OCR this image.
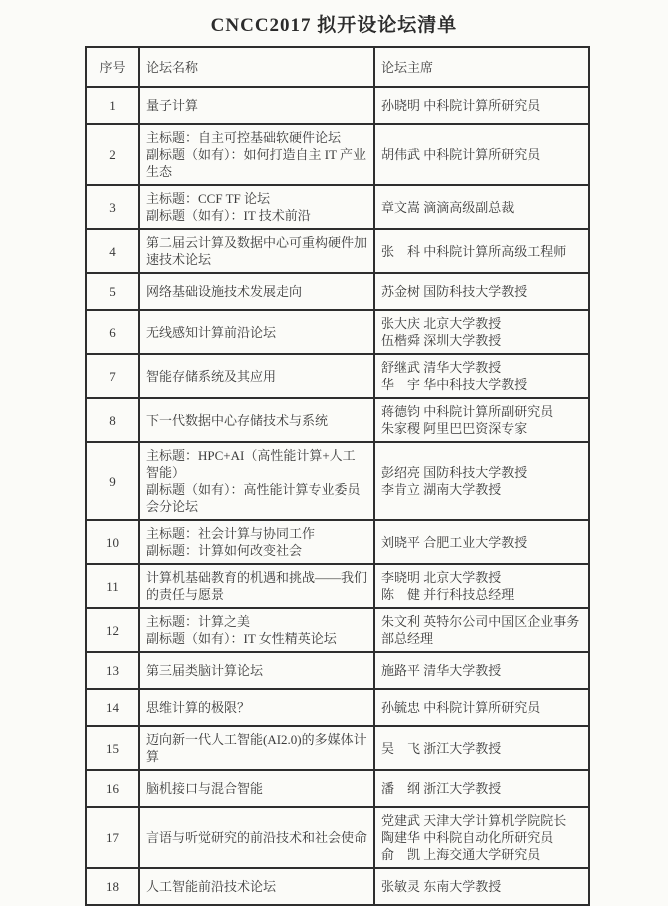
CNCC2017 拟开设论坛清单
序号	论坛名称	论坛主席
1	量子计算	孙晓明 中科院计算所研究员

2	主标题：自主可控基础软硬件论坛
副标题（如有）：如何打造自主 IT 产业生态	胡伟武 中科院计算所研究员

3	主标题：CCF TF 论坛
副标题（如有）：IT 技术前沿	章文嵩 滴滴高级副总裁

4	第二届云计算及数据中心可重构硬件加速技术论坛	张　科 中科院计算所高级工程师

5	网络基础设施技术发展走向	苏金树 国防科技大学教授

6	无线感知计算前沿论坛	张大庆 北京大学教授
伍楷舜 深圳大学教授

7	智能存储系统及其应用	舒继武 清华大学教授
华　宇 华中科技大学教授

8	下一代数据中心存储技术与系统	蒋德钧 中科院计算所副研究员
朱家稷 阿里巴巴资深专家

9	主标题：HPC+AI（高性能计算+人工智能）
副标题（如有）：高性能计算专业委员会分论坛	彭绍亮 国防科技大学教授
李肯立 湖南大学教授

10	主标题：社会计算与协同工作
副标题：计算如何改变社会	刘晓平 合肥工业大学教授

11	计算机基础教育的机遇和挑战——我们的责任与愿景	李晓明 北京大学教授
陈　健 并行科技总经理

12	主标题：计算之美
副标题（如有）：IT 女性精英论坛	朱文利 英特尔公司中国区企业事务部总经理

13	第三届类脑计算论坛	施路平 清华大学教授

14	思维计算的极限？	孙毓忠 中科院计算所研究员

15	迈向新一代人工智能(AI2.0)的多媒体计算	吴　飞 浙江大学教授

16	脑机接口与混合智能	潘　纲 浙江大学教授

17	言语与听觉研究的前沿技术和社会使命	党建武 天津大学计算机学院院长
陶建华 中科院自动化所研究员
俞　凯 上海交通大学研究员

18	人工智能前沿技术论坛	张敏灵 东南大学教授
